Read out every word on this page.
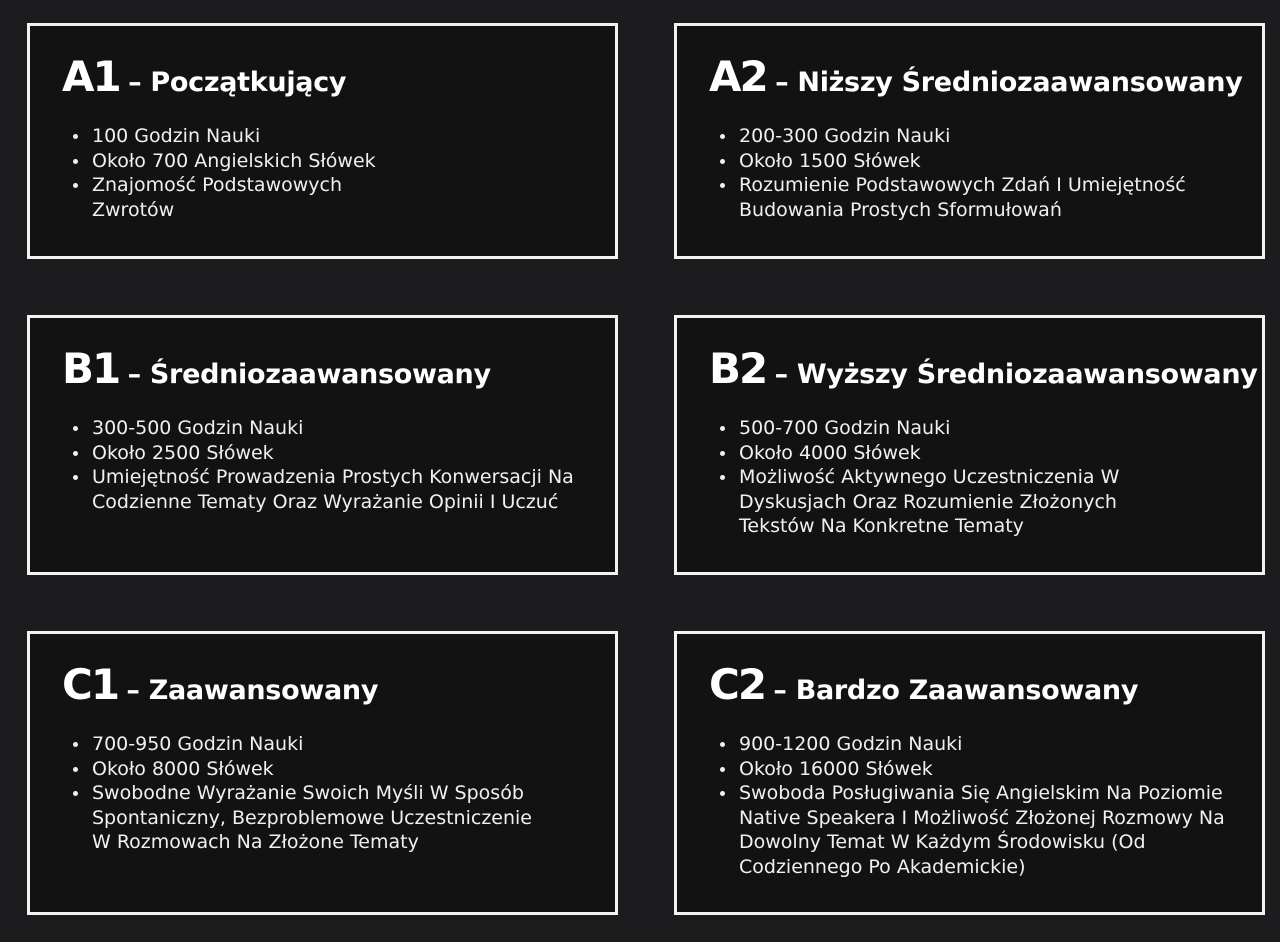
A1 – Początkujący
100 Godzin Nauki
Około 700 Angielskich Słówek
Znajomość Podstawowych Zwrotów
A2 – Niższy Średniozaawansowany
200-300 Godzin Nauki
Około 1500 Słówek
Rozumienie Podstawowych Zdań I Umiejętność Budowania Prostych Sformułowań
B1 – Średniozaawansowany
300-500 Godzin Nauki
Około 2500 Słówek
Umiejętność Prowadzenia Prostych Konwersacji Na Codzienne Tematy Oraz Wyrażanie Opinii I Uczuć
B2 – Wyższy Średniozaawansowany
500-700 Godzin Nauki
Około 4000 Słówek
Możliwość Aktywnego Uczestniczenia W Dyskusjach Oraz Rozumienie Złożonych Tekstów Na Konkretne Tematy
C1 – Zaawansowany
700-950 Godzin Nauki
Około 8000 Słówek
Swobodne Wyrażanie Swoich Myśli W Sposób Spontaniczny, Bezproblemowe Uczestniczenie W Rozmowach Na Złożone Tematy
C2 – Bardzo Zaawansowany
900-1200 Godzin Nauki
Około 16000 Słówek
Swoboda Posługiwania Się Angielskim Na Poziomie Native Speakera I Możliwość Złożonej Rozmowy Na Dowolny Temat W Każdym Środowisku (Od Codziennego Po Akademickie)
